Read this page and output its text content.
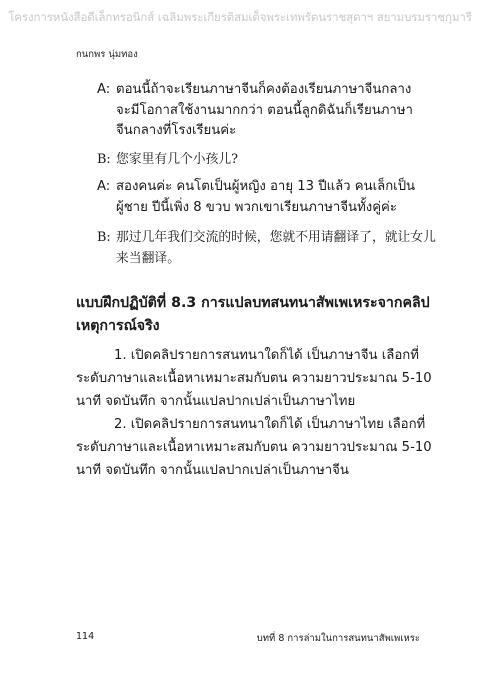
โครงการหนังสือดีเล็กทรอนิกส์ เฉลิมพระเกียรติสมเด็จพระเทพรัตนราชสุดาฯ สยามบรมราชกุมารี
กนกพร นุ่มทอง
A: ตอนนี้ถ้าจะเรียนภาษาจีนก็คงต้องเรียนภาษาจีนกลาง
จะมีโอกาสใช้งานมากกว่า ตอนนี้ลูกดิฉันก็เรียนภาษา
จีนกลางที่โรงเรียนค่ะ
B: 您家里有几个小孩儿?
A: สองคนค่ะ คนโตเป็นผู้หญิง อายุ 13 ปีแล้ว คนเล็กเป็น
ผู้ชาย ปีนี้เพิ่ง 8 ขวบ พวกเขาเรียนภาษาจีนทั้งคู่ค่ะ
B: 那过几年我们交流的时候，您就不用请翻译了，就让女儿
来当翻译。
แบบฝึกปฏิบัติที่ 8.3 การแปลบทสนทนาสัพเพเหระจากคลิป
เหตุการณ์จริง
1. เปิดคลิปรายการสนทนาใดก็ได้ เป็นภาษาจีน เลือกที่
ระดับภาษาและเนื้อหาเหมาะสมกับตน ความยาวประมาณ 5-10
นาที จดบันทึก จากนั้นแปลปากเปล่าเป็นภาษาไทย
2. เปิดคลิปรายการสนทนาใดก็ได้ เป็นภาษาไทย เลือกที่
ระดับภาษาและเนื้อหาเหมาะสมกับตน ความยาวประมาณ 5-10
นาที จดบันทึก จากนั้นแปลปากเปล่าเป็นภาษาจีน
114	บทที่ 8 การล่ามในการสนทนาสัพเพเหระ
